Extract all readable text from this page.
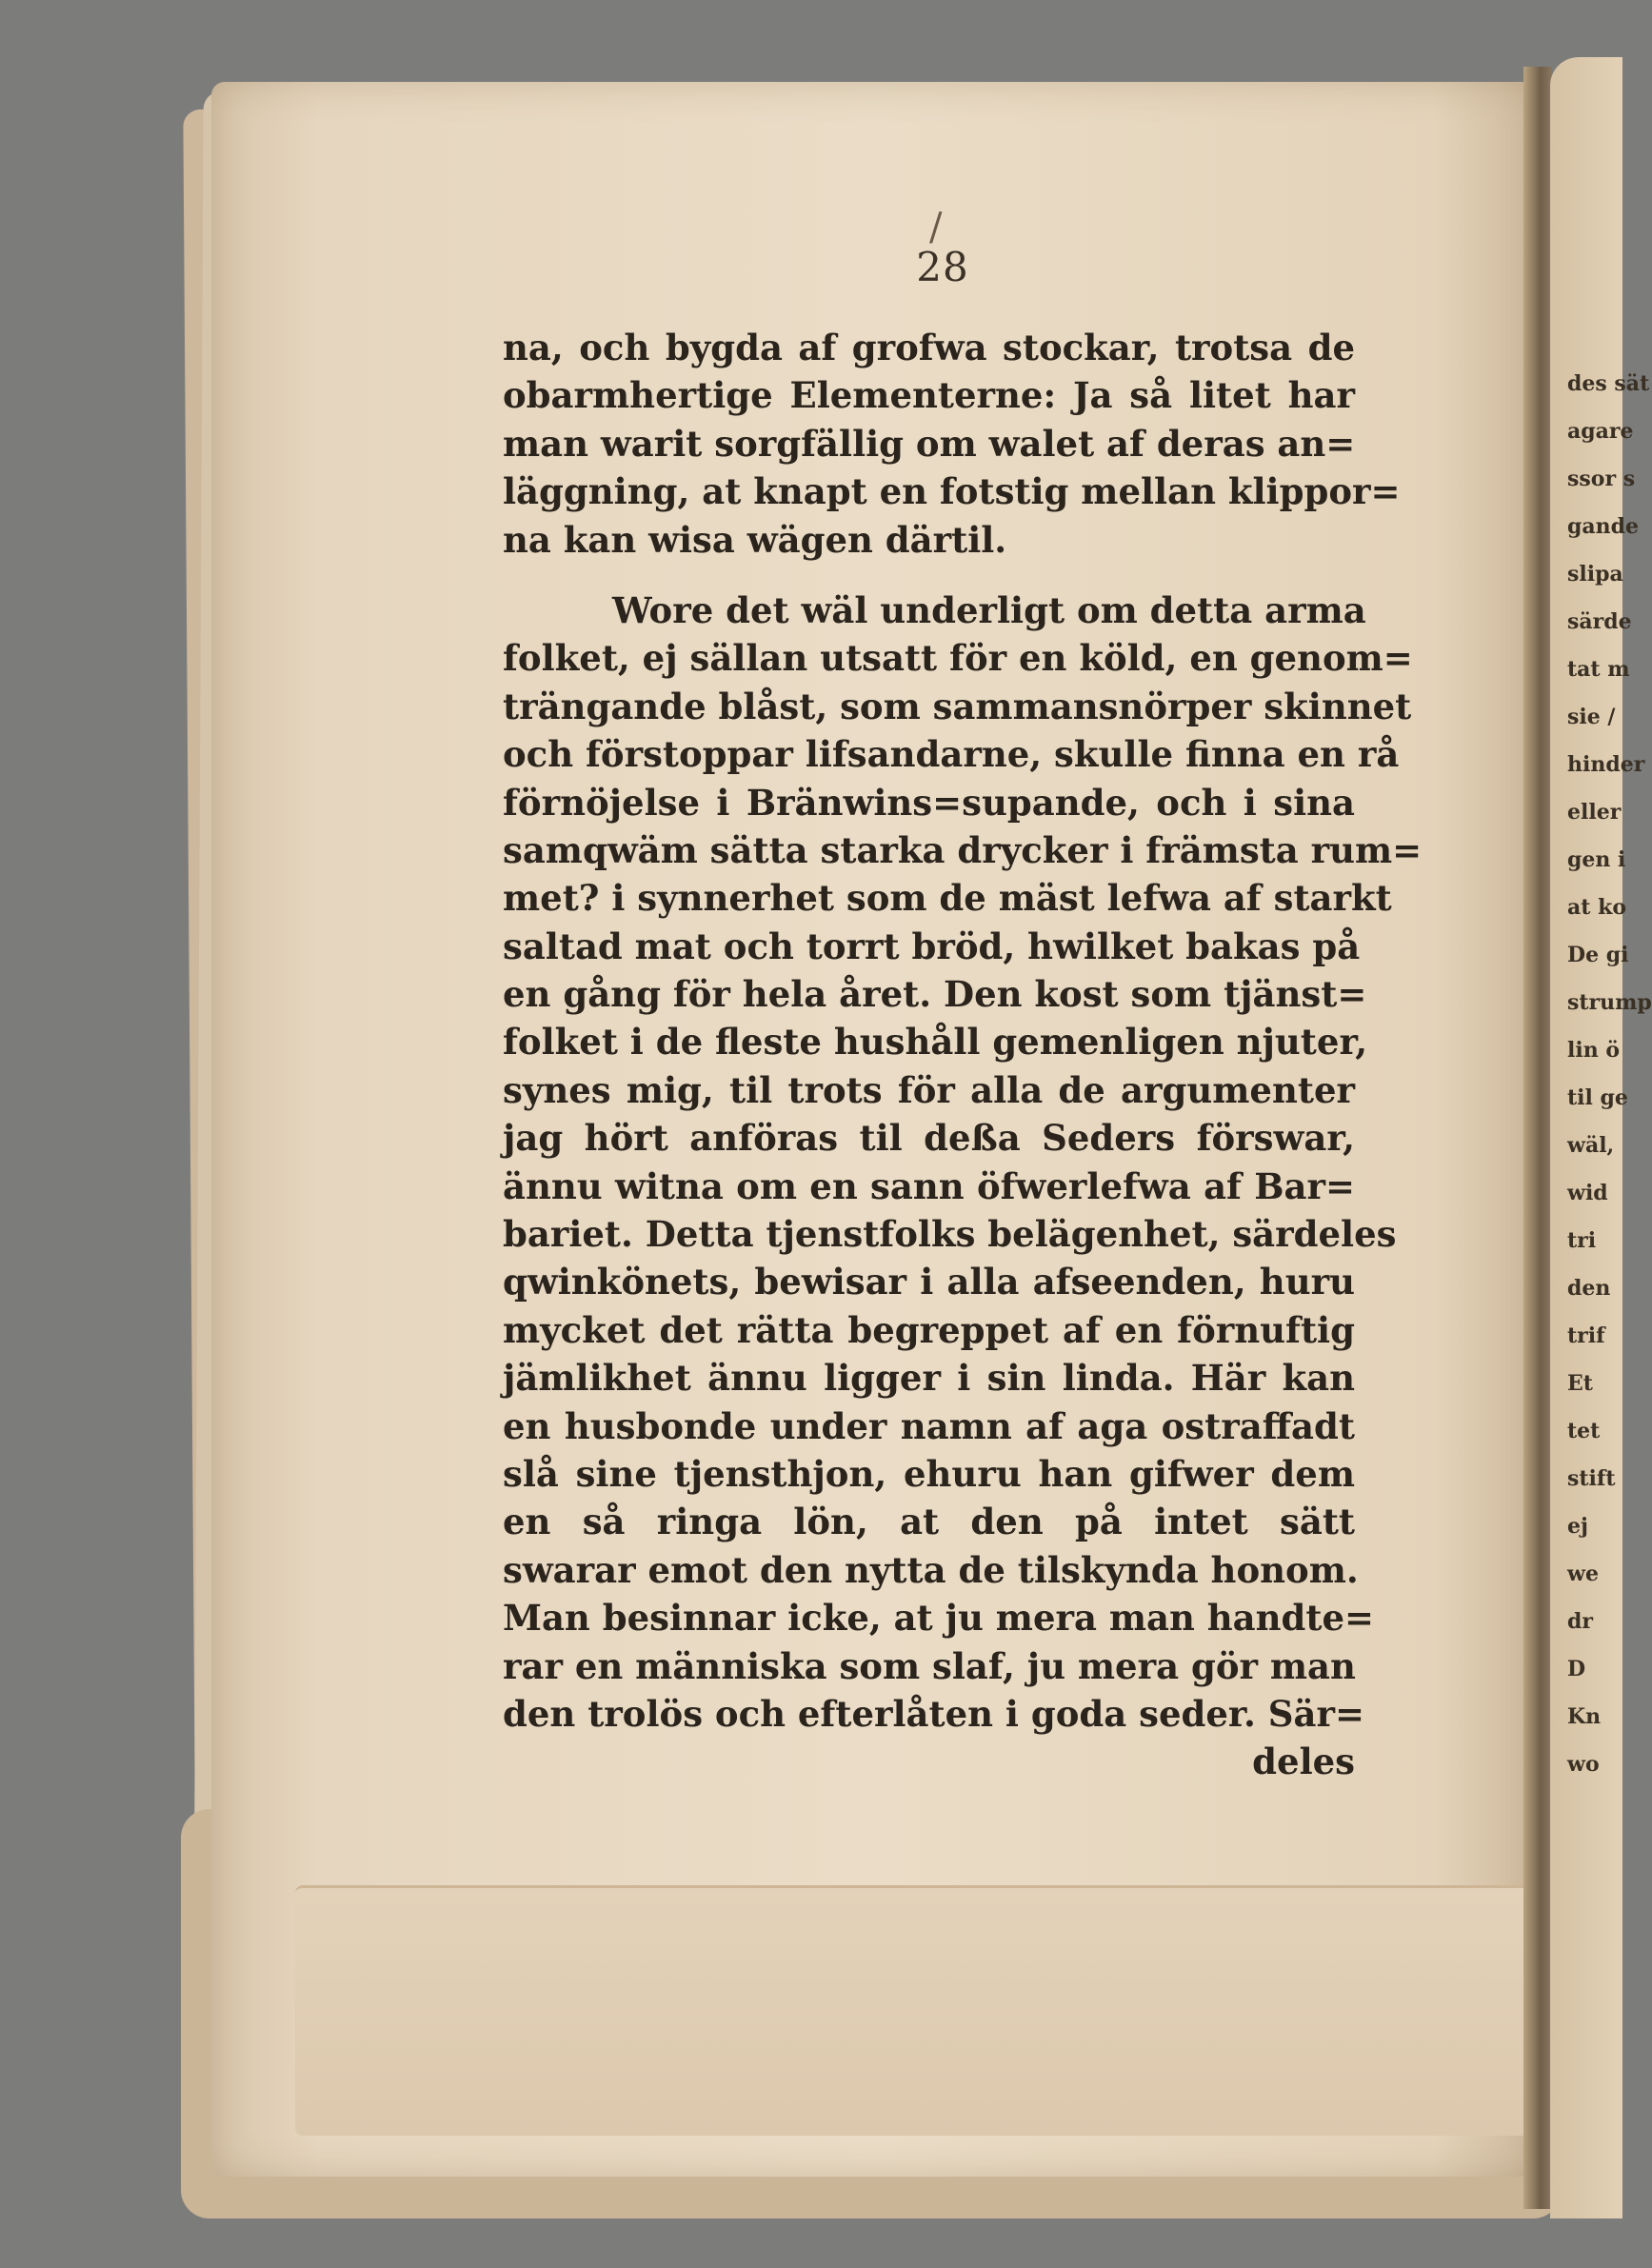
des sät
agare
ssor s
gande
slipa
särde
tat m
sie /
hinder
eller
gen i
at ko
De gi
strump
lin ö
til ge
wäl,
wid
tri
den
trif
Et
tet
stift
ej
we
dr
D
Kn
wo
/
28
na, och bygda af grofwa stockar, trotsa de
obarmhertige Elementerne: Ja så litet har
man warit sorgfällig om walet af deras an=
läggning, at knapt en fotstig mellan klippor=
na kan wisa wägen därtil.
Wore det wäl underligt om detta arma
folket, ej sällan utsatt för en köld, en genom=
trängande blåst, som sammansnörper skinnet
och förstoppar lifsandarne, skulle finna en rå
förnöjelse i Bränwins=supande, och i sina
samqwäm sätta starka drycker i främsta rum=
met? i synnerhet som de mäst lefwa af starkt
saltad mat och torrt bröd, hwilket bakas på
en gång för hela året. Den kost som tjänst=
folket i de fleste hushåll gemenligen njuter,
synes mig, til trots för alla de argumenter
jag hört anföras til deßa Seders förswar,
ännu witna om en sann öfwerlefwa af Bar=
bariet. Detta tjenstfolks belägenhet, särdeles
qwinkönets, bewisar i alla afseenden, huru
mycket det rätta begreppet af en förnuftig
jämlikhet ännu ligger i sin linda. Här kan
en husbonde under namn af aga ostraffadt
slå sine tjensthjon, ehuru han gifwer dem
en så ringa lön, at den på intet sätt
swarar emot den nytta de tilskynda honom.
Man besinnar icke, at ju mera man handte=
rar en människa som slaf, ju mera gör man
den trolös och efterlåten i goda seder. Sär=
deles
